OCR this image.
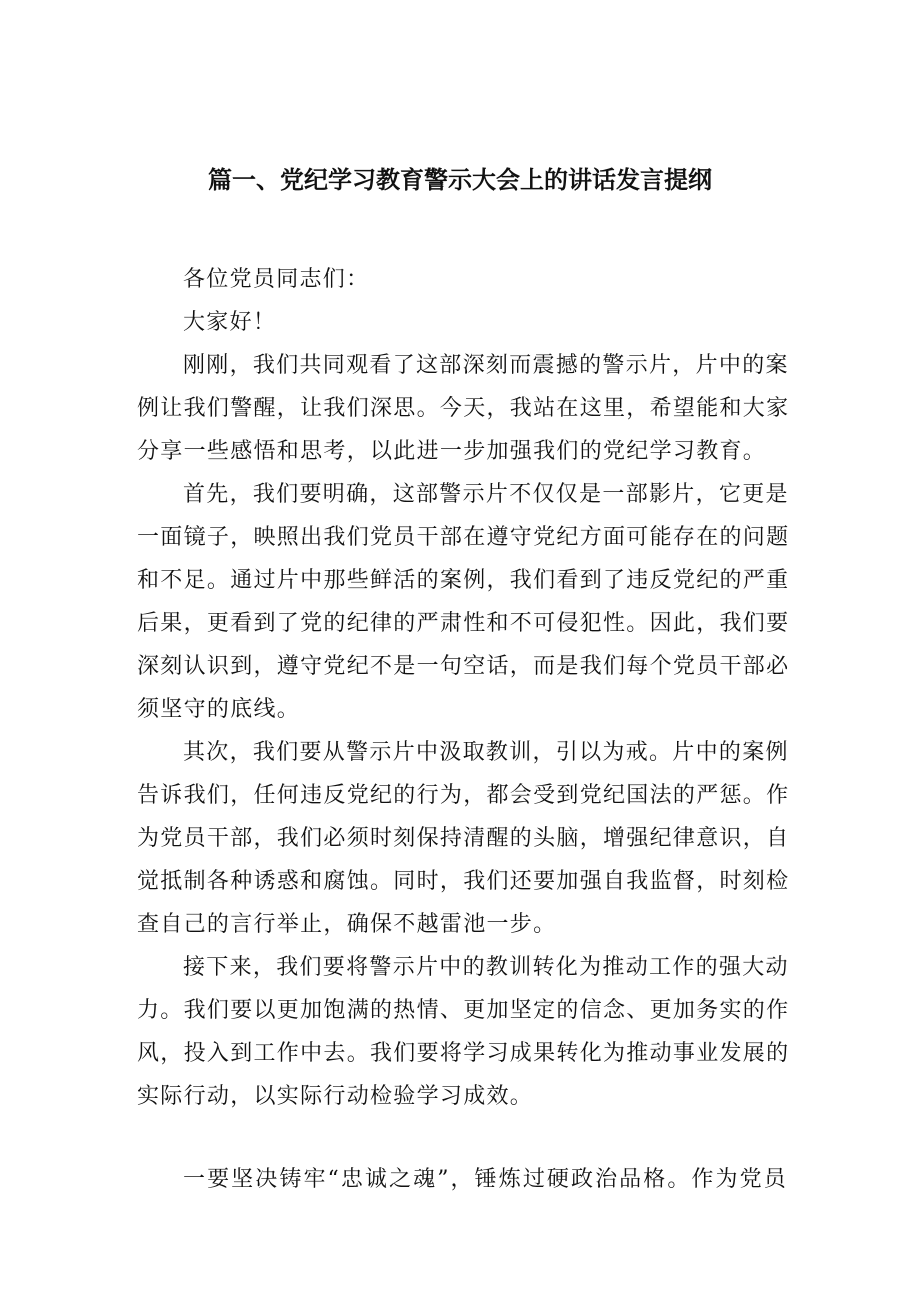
篇一、党纪学习教育警示大会上的讲话发言提纲

各位党员同志们：

大家好！

刚刚，我们共同观看了这部深刻而震撼的警示片，片中的案

例让我们警醒，让我们深思。今天，我站在这里，希望能和大家

分享一些感悟和思考，以此进一步加强我们的党纪学习教育。

首先，我们要明确，这部警示片不仅仅是一部影片，它更是

一面镜子，映照出我们党员干部在遵守党纪方面可能存在的问题

和不足。通过片中那些鲜活的案例，我们看到了违反党纪的严重

后果，更看到了党的纪律的严肃性和不可侵犯性。因此，我们要

深刻认识到，遵守党纪不是一句空话，而是我们每个党员干部必

须坚守的底线。

其次，我们要从警示片中汲取教训，引以为戒。片中的案例

告诉我们，任何违反党纪的行为，都会受到党纪国法的严惩。作

为党员干部，我们必须时刻保持清醒的头脑，增强纪律意识，自

觉抵制各种诱惑和腐蚀。同时，我们还要加强自我监督，时刻检

查自己的言行举止，确保不越雷池一步。

接下来，我们要将警示片中的教训转化为推动工作的强大动

力。我们要以更加饱满的热情、更加坚定的信念、更加务实的作

风，投入到工作中去。我们要将学习成果转化为推动事业发展的

实际行动，以实际行动检验学习成效。

一要坚决铸牢“忠诚之魂”，锤炼过硬政治品格。作为党员
